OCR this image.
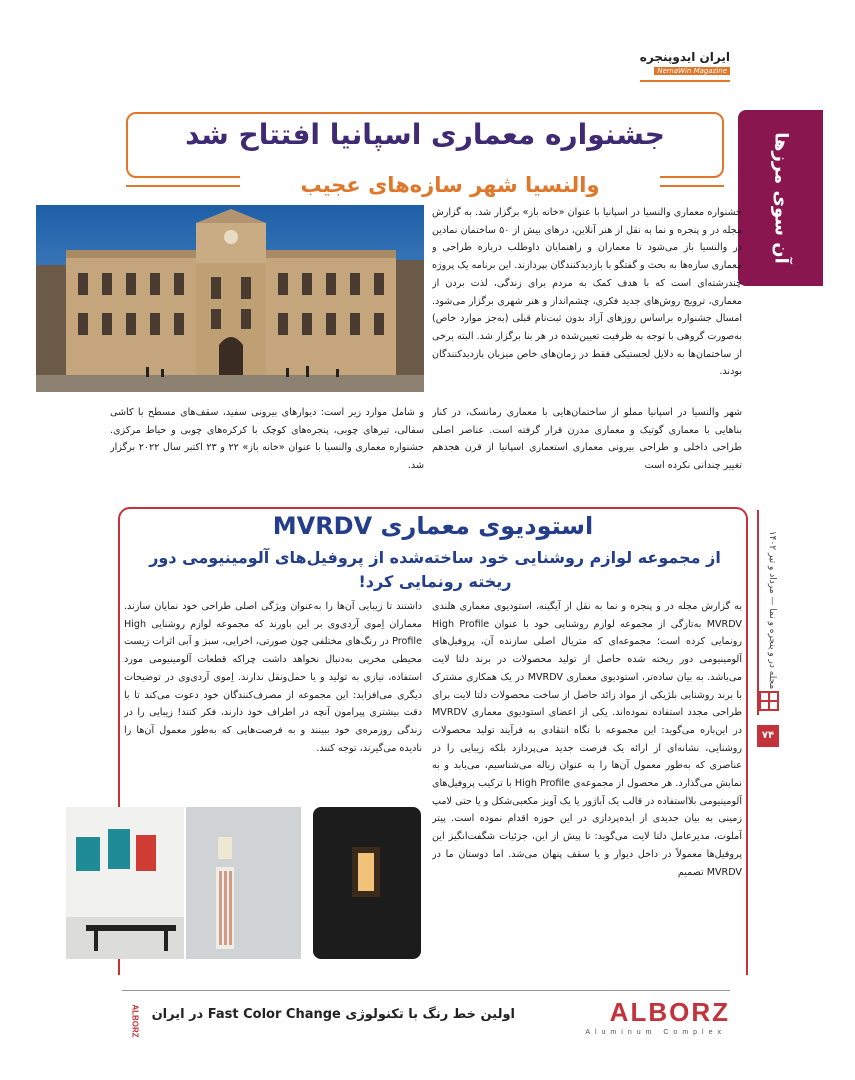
ایران ایدوپنجره
NemaWin Magazine
آن سوی مرزها
جشنواره معماری اسپانیا افتتاح شد
والنسیا شهر سازه‌های عجیب
جشنواره معماری والنسیا در اسپانیا با عنوان «خانه باز» برگزار شد. به گزارش مجله در و پنجره و نما به نقل از هنر آنلاین، درهای بیش از ۵۰ ساختمان نمادین در والنسیا باز می‌شود تا معماران و راهنمایان داوطلب درباره طراحی و معماری سازه‌ها به بحث و گفتگو با بازدیدکنندگان بپردازند. این برنامه یک پروژه چندرشته‌ای است که با هدف کمک به مردم برای زندگی، لذت بردن از معماری، ترویج روش‌های جدید فکری، چشم‌انداز و هنر شهری برگزار می‌شود. امسال جشنواره براساس روزهای آزاد بدون ثبت‌نام قبلی (به‌جز موارد خاص) به‌صورت گروهی با توجه به ظرفیت تعیین‌شده در هر بنا برگزار شد. البته برخی از ساختمان‌ها به دلایل لجستیکی فقط در زمان‌های خاص میزبان بازدیدکنندگان بودند.
شهر والنسیا در اسپانیا مملو از ساختمان‌هایی با معماری رمانسک، در کنار بناهایی با معماری گوتیک و معماری مدرن قرار گرفته است. عناصر اصلی طراحی داخلی و طراحی بیرونی معماری استعماری اسپانیا از قرن هجدهم تغییر چندانی نکرده است
و شامل موارد زیر است: دیوارهای بیرونی سفید، سقف‌های مسطح با کاشی سفالی، تیرهای چوبی، پنجره‌های کوچک با کرکره‌های چوبی و حیاط مرکزی. جشنواره معماری والنسیا با عنوان «خانه باز» ۲۲ و ۲۳ اکتبر سال ۲۰۲۲ برگزار شد.
مجله در و پنجره و نما — مرداد و تیر ۱۴۰۲
۷۴
استودیوی معماری MVRDV
از مجموعه لوازم روشنایی خود ساخته‌شده از پروفیل‌های آلومینیومی دور ریخته رونمایی کرد!
به گزارش مجله در و پنجره و نما به نقل از آیگینه، استودیوی معماری هلندی MVRDV به‌تازگی از مجموعه لوازم روشنایی خود با عنوان High Profile رونمایی کرده است؛ مجموعه‌ای که متریال اصلی سازنده آن، پروفیل‌های آلومینیومی دور ریخته شده حاصل از تولید محصولات در برند دلتا لایت می‌باشد. به بیان ساده‌تر، استودیوی معماری MVRDV در یک همکاری مشترک با برند روشنایی بلژیکی از مواد زائد حاصل از ساخت محصولات دلتا لایت برای طراحی مجدد استفاده نموده‌اند. یکی از اعضای استودیوی معماری MVRDV در این‌باره می‌گوید: این مجموعه با نگاه انتقادی به فرآیند تولید محصولات روشنایی، نشانه‌ای از ارائه یک فرصت جدید می‌پردازد بلکه زیبایی را در عناصری که به‌طور معمول آن‌ها را به عنوان زباله می‌شناسیم، می‌یابد و به نمایش می‌گذارد. هر محصول از مجموعه‌ی High Profile با ترکیب پروفیل‌های آلومینیومی بلااستفاده در قالب یک آباژور یا یک آویز مکعبی‌شکل و یا حتی لامپ زمینی به بیان جدیدی از ایده‌پردازی در این حوزه اقدام نموده است. پیتر آملوت، مدیرعامل دلتا لایت می‌گوید: تا پیش از این، جزئیات شگفت‌انگیز این پروفیل‌ها معمولاً در داخل دیوار و یا سقف پنهان می‌شد. اما دوستان ما در MVRDV تصمیم
داشتند تا زیبایی آن‌ها را به‌عنوان ویژگی اصلی طراحی خود نمایان سازند. معماران اِموی آردی‌وی بر این باورند که مجموعه لوازم روشنایی High Profile در رنگ‌های مختلفی چون صورتی، اخرایی، سبز و آبی اثرات زیست محیطی مخربی به‌دنبال نخواهد داشت چراکه قطعات آلومینیومی مورد استفاده، نیازی به تولید و یا حمل‌ونقل ندارند. اِموی آردی‌وی در توضیحات دیگری می‌افزاید: این مجموعه از مصرف‌کنندگان خود دعوت می‌کند تا با دقت بیشتری پیرامون آنچه در اطراف خود دارند، فکر کنند! زیبایی را در زندگی روزمره‌ی خود ببینند و به فرصت‌هایی که به‌طور معمول آن‌ها را نادیده می‌گیرند، توجه کنند.
ALBORZ
Aluminum Complex
اولین خط رنگ با تکنولوژی Fast Color Change در ایران
ALBORZ
